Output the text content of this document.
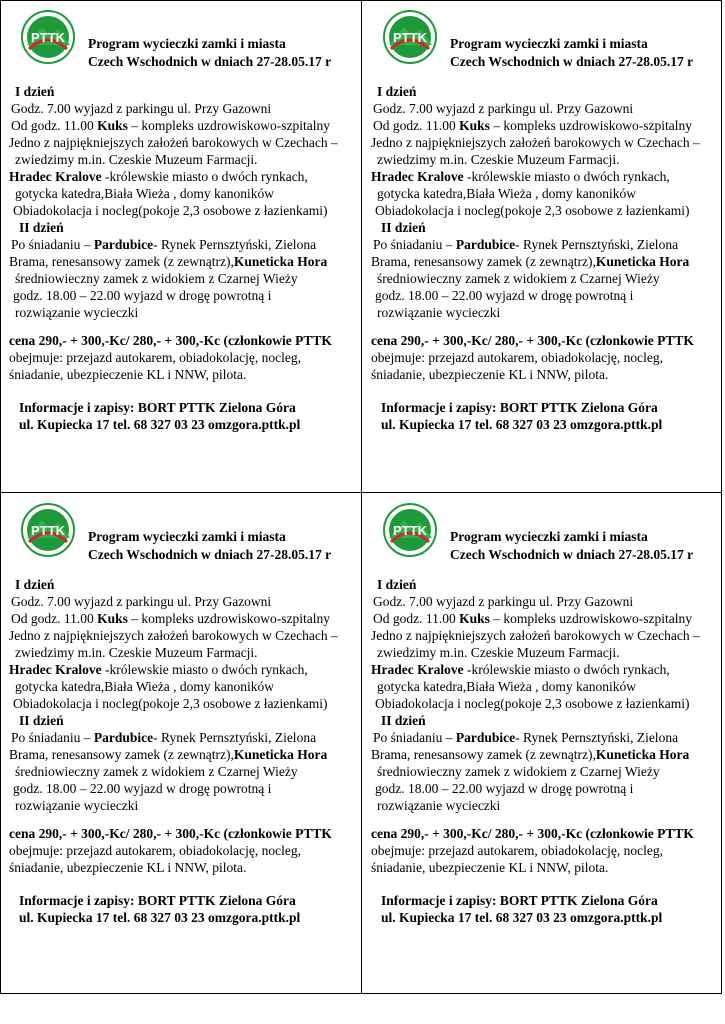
PTTK Program wycieczki zamki i miasta
Czech Wschodnich w dniach 27-28.05.17 r
I dzień
Godz. 7.00 wyjazd z parkingu ul. Przy Gazowni
Od godz. 11.00 Kuks – kompleks uzdrowiskowo-szpitalny
Jedno z najpiękniejszych założeń barokowych w Czechach –
zwiedzimy m.in. Czeskie Muzeum Farmacji.
Hradec Kralove -królewskie miasto o dwóch rynkach,
gotycka katedra,Biała Wieża , domy kanoników
Obiadokolacja i nocleg(pokoje 2,3 osobowe z łazienkami)
II dzień
Po śniadaniu – Pardubice- Rynek Pernsztyński, Zielona
Brama, renesansowy zamek (z zewnątrz),Kuneticka Hora
średniowieczny zamek z widokiem z Czarnej Wieży
godz. 18.00 – 22.00 wyjazd w drogę powrotną i
rozwiązanie wycieczki
cena 290,- + 300,-Kc/ 280,- + 300,-Kc (członkowie PTTK
obejmuje: przejazd autokarem, obiadokolację, nocleg,
śniadanie, ubezpieczenie KL i NNW, pilota.
Informacje i zapisy: BORT PTTK Zielona Góra
ul. Kupiecka 17 tel. 68 327 03 23 omzgora.pttk.pl
PTTK Program wycieczki zamki i miasta
Czech Wschodnich w dniach 27-28.05.17 r
I dzień
Godz. 7.00 wyjazd z parkingu ul. Przy Gazowni
Od godz. 11.00 Kuks – kompleks uzdrowiskowo-szpitalny
Jedno z najpiękniejszych założeń barokowych w Czechach –
zwiedzimy m.in. Czeskie Muzeum Farmacji.
Hradec Kralove -królewskie miasto o dwóch rynkach,
gotycka katedra,Biała Wieża , domy kanoników
Obiadokolacja i nocleg(pokoje 2,3 osobowe z łazienkami)
II dzień
Po śniadaniu – Pardubice- Rynek Pernsztyński, Zielona
Brama, renesansowy zamek (z zewnątrz),Kuneticka Hora
średniowieczny zamek z widokiem z Czarnej Wieży
godz. 18.00 – 22.00 wyjazd w drogę powrotną i
rozwiązanie wycieczki
cena 290,- + 300,-Kc/ 280,- + 300,-Kc (członkowie PTTK
obejmuje: przejazd autokarem, obiadokolację, nocleg,
śniadanie, ubezpieczenie KL i NNW, pilota.
Informacje i zapisy: BORT PTTK Zielona Góra
ul. Kupiecka 17 tel. 68 327 03 23 omzgora.pttk.pl
PTTK Program wycieczki zamki i miasta
Czech Wschodnich w dniach 27-28.05.17 r
I dzień
Godz. 7.00 wyjazd z parkingu ul. Przy Gazowni
Od godz. 11.00 Kuks – kompleks uzdrowiskowo-szpitalny
Jedno z najpiękniejszych założeń barokowych w Czechach –
zwiedzimy m.in. Czeskie Muzeum Farmacji.
Hradec Kralove -królewskie miasto o dwóch rynkach,
gotycka katedra,Biała Wieża , domy kanoników
Obiadokolacja i nocleg(pokoje 2,3 osobowe z łazienkami)
II dzień
Po śniadaniu – Pardubice- Rynek Pernsztyński, Zielona
Brama, renesansowy zamek (z zewnątrz),Kuneticka Hora
średniowieczny zamek z widokiem z Czarnej Wieży
godz. 18.00 – 22.00 wyjazd w drogę powrotną i
rozwiązanie wycieczki
cena 290,- + 300,-Kc/ 280,- + 300,-Kc (członkowie PTTK
obejmuje: przejazd autokarem, obiadokolację, nocleg,
śniadanie, ubezpieczenie KL i NNW, pilota.
Informacje i zapisy: BORT PTTK Zielona Góra
ul. Kupiecka 17 tel. 68 327 03 23 omzgora.pttk.pl
PTTK Program wycieczki zamki i miasta
Czech Wschodnich w dniach 27-28.05.17 r
I dzień
Godz. 7.00 wyjazd z parkingu ul. Przy Gazowni
Od godz. 11.00 Kuks – kompleks uzdrowiskowo-szpitalny
Jedno z najpiękniejszych założeń barokowych w Czechach –
zwiedzimy m.in. Czeskie Muzeum Farmacji.
Hradec Kralove -królewskie miasto o dwóch rynkach,
gotycka katedra,Biała Wieża , domy kanoników
Obiadokolacja i nocleg(pokoje 2,3 osobowe z łazienkami)
II dzień
Po śniadaniu – Pardubice- Rynek Pernsztyński, Zielona
Brama, renesansowy zamek (z zewnątrz),Kuneticka Hora
średniowieczny zamek z widokiem z Czarnej Wieży
godz. 18.00 – 22.00 wyjazd w drogę powrotną i
rozwiązanie wycieczki
cena 290,- + 300,-Kc/ 280,- + 300,-Kc (członkowie PTTK
obejmuje: przejazd autokarem, obiadokolację, nocleg,
śniadanie, ubezpieczenie KL i NNW, pilota.
Informacje i zapisy: BORT PTTK Zielona Góra
ul. Kupiecka 17 tel. 68 327 03 23 omzgora.pttk.pl
